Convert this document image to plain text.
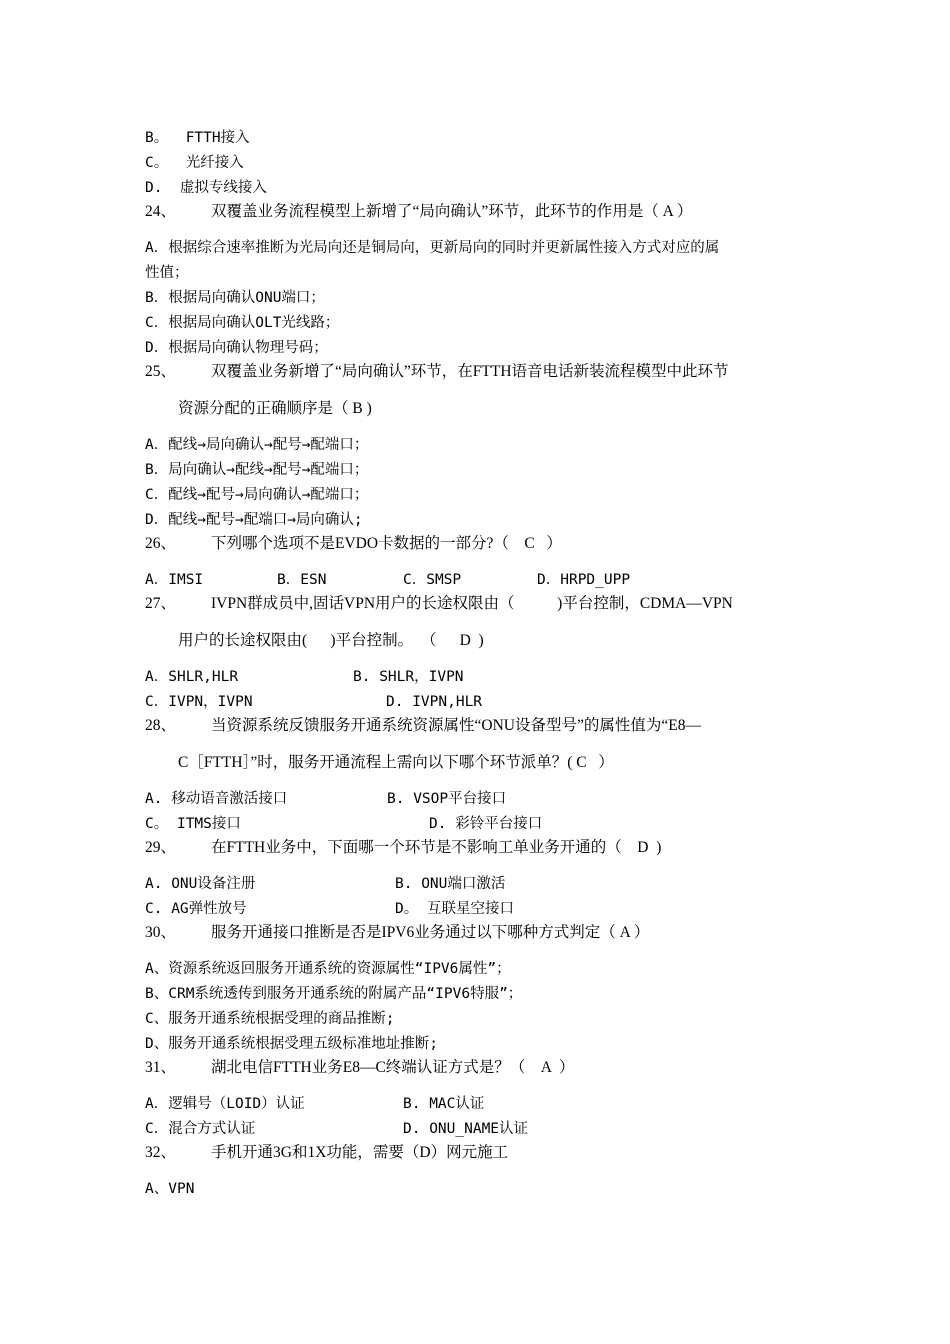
B。  FTTH接入
C。  光纤接入
D.  虚拟专线接入
24、 双覆盖业务流程模型上新增了“局向确认”环节，此环节的作用是（ A ）
A．根据综合速率推断为光局向还是铜局向，更新局向的同时并更新属性接入方式对应的属
性值；
B．根据局向确认ONU端口；
C．根据局向确认OLT光线路；
D．根据局向确认物理号码；
25、 双覆盖业务新增了“局向确认”环节，在FTTH语音电话新装流程模型中此环节
资源分配的正确顺序是（ B )
A．配线→局向确认→配号→配端口；
B．局向确认→配线→配号→配端口；
C．配线→配号→局向确认→配端口；
D．配线→配号→配端口→局向确认;
26、 下列哪个选项不是EVDO卡数据的一部分?（    C   ）
A．IMSI	B．ESN	C．SMSP	D．HRPD_UPP
27、 IVPN群成员中,固话VPN用户的长途权限由（           )平台控制，CDMA—VPN
用户的长途权限由(      )平台控制。  （      D  )
A．SHLR,HLR	B. SHLR，IVPN
C．IVPN，IVPN	D. IVPN,HLR
28、 当资源系统反馈服务开通系统资源属性“ONU设备型号”的属性值为“E8—
C［FTTH］”时，服务开通流程上需向以下哪个环节派单？( C   ）
A. 移动语音激活接口	B. VSOP平台接口
C。 ITMS接口	D. 彩铃平台接口
29、 在FTTH业务中，下面哪一个环节是不影响工单业务开通的（    D  )
A. ONU设备注册	B. ONU端口激活
C. AG弹性放号	D。 互联星空接口
30、 服务开通接口推断是否是IPV6业务通过以下哪种方式判定（ A ）
A、资源系统返回服务开通系统的资源属性“IPV6属性”；
B、CRM系统透传到服务开通系统的附属产品“IPV6特服”；
C、服务开通系统根据受理的商品推断;
D、服务开通系统根据受理五级标准地址推断;
31、 湖北电信FTTH业务E8—C终端认证方式是？（    A  ）
A．逻辑号（LOID）认证	B. MAC认证
C．混合方式认证	D. ONU_NAME认证
32、 手机开通3G和1X功能，需要（D）网元施工
A、VPN
